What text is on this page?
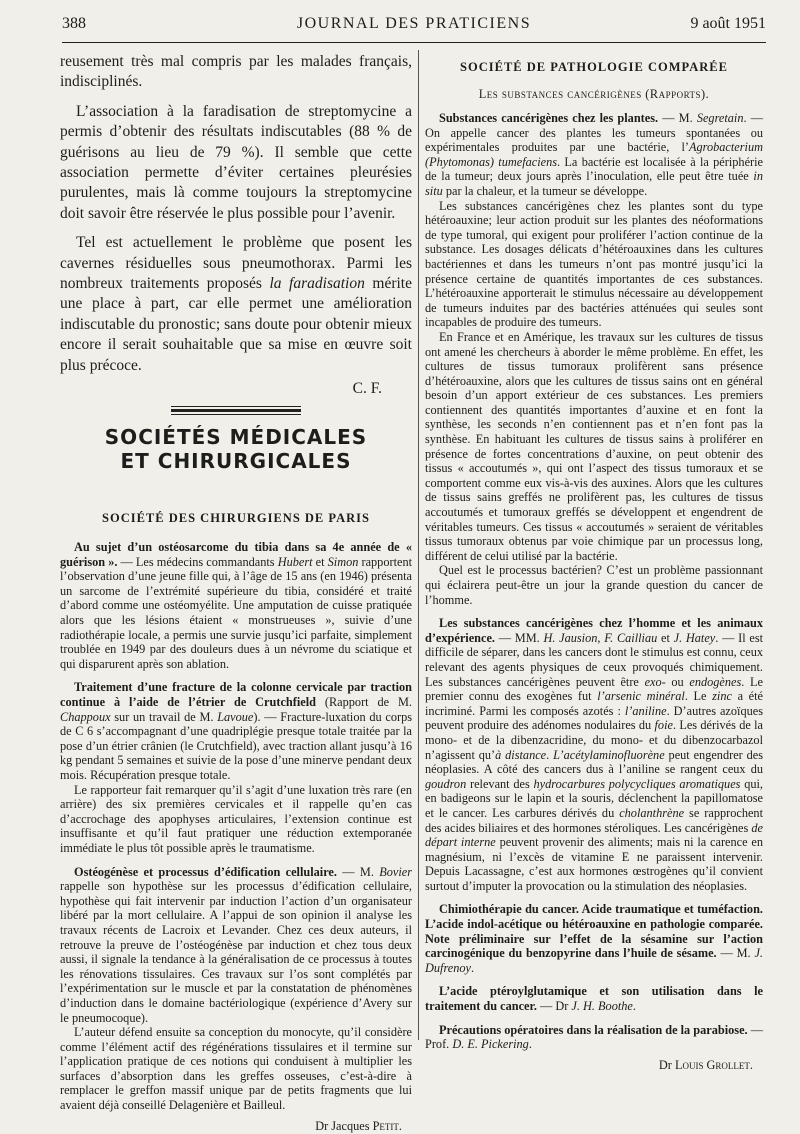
388	JOURNAL DES PRATICIENS	9 août 1951

reusement très mal compris par les malades français, indisciplinés.

L’association à la faradisation de streptomycine a permis d’obtenir des résultats indiscutables (88 % de guérisons au lieu de 79 %). Il semble que cette association permette d’éviter certaines pleurésies purulentes, mais là comme toujours la streptomycine doit savoir être réservée le plus possible pour l’avenir.

Tel est actuellement le problème que posent les cavernes résiduelles sous pneumothorax. Parmi les nombreux traitements proposés la faradisation mérite une place à part, car elle permet une amélioration indiscutable du pronostic; sans doute pour obtenir mieux encore il serait souhaitable que sa mise en œuvre soit plus précoce.

C. F.
SOCIÉTÉS MÉDICALES
ET CHIRURGICALES
SOCIÉTÉ DES CHIRURGIENS DE PARIS

Au sujet d’un ostéosarcome du tibia dans sa 4e année de « guérison ». — Les médecins commandants Hubert et Simon rapportent l’observation d’une jeune fille qui, à l’âge de 15 ans (en 1946) présenta un sarcome de l’extrémité supérieure du tibia, considéré et traité d’abord comme une ostéomyélite. Une amputation de cuisse pratiquée alors que les lésions étaient « monstrueuses », suivie d’une radiothérapie locale, a permis une survie jusqu’ici parfaite, simplement troublée en 1949 par des douleurs dues à un névrome du sciatique et qui disparurent après son ablation.

Traitement d’une fracture de la colonne cervicale par traction continue à l’aide de l’étrier de Crutchfield (Rapport de M. Chappoux sur un travail de M. Lavoue). — Fracture-luxation du corps de C 6 s’accompagnant d’une quadriplégie presque totale traitée par la pose d’un étrier crânien (le Crutchfield), avec traction allant jusqu’à 16 kg pendant 5 semaines et suivie de la pose d’une minerve pendant deux mois. Récupération presque totale.

Le rapporteur fait remarquer qu’il s’agit d’une luxation très rare (en arrière) des six premières cervicales et il rappelle qu’en cas d’accrochage des apophyses articulaires, l’extension continue est insuffisante et qu’il faut pratiquer une réduction extemporanée immédiate le plus tôt possible après le traumatisme.

Ostéogénèse et processus d’édification cellulaire. — M. Bovier rappelle son hypothèse sur les processus d’édification cellulaire, hypothèse qui fait intervenir par induction l’action d’un organisateur libéré par la mort cellulaire. A l’appui de son opinion il analyse les travaux récents de Lacroix et Levander. Chez ces deux auteurs, il retrouve la preuve de l’ostéogénèse par induction et chez tous deux aussi, il signale la tendance à la généralisation de ce processus à toutes les rénovations tissulaires. Ces travaux sur l’os sont complétés par l’expérimentation sur le muscle et par la constatation de phénomènes d’induction dans le domaine bactériologique (expérience d’Avery sur le pneumocoque).

L’auteur défend ensuite sa conception du monocyte, qu’il considère comme l’élément actif des régénérations tissulaires et il termine sur l’application pratique de ces notions qui conduisent à multiplier les surfaces d’absorption dans les greffes osseuses, c’est-à-dire à remplacer le greffon massif unique par de petits fragments que lui avaient déjà conseillé Delagenière et Bailleul.

Dr Jacques Petit.
SOCIÉTÉ DE PATHOLOGIE COMPARÉE
Les substances cancérigènes (Rapports).

Substances cancérigènes chez les plantes. — M. Segretain. — On appelle cancer des plantes les tumeurs spontanées ou expérimentales produites par une bactérie, l’Agrobacterium (Phytomonas) tumefaciens. La bactérie est localisée à la périphérie de la tumeur; deux jours après l’inoculation, elle peut être tuée in situ par la chaleur, et la tumeur se développe.

Les substances cancérigènes chez les plantes sont du type hétéroauxine; leur action produit sur les plantes des néoformations de type tumoral, qui exigent pour proliférer l’action continue de la substance. Les dosages délicats d’hétéroauxines dans les cultures bactériennes et dans les tumeurs n’ont pas montré jusqu’ici la présence certaine de quantités importantes de ces substances. L’hétéroauxine apporterait le stimulus nécessaire au développement de tumeurs induites par des bactéries atténuées qui seules sont incapables de produire des tumeurs.

En France et en Amérique, les travaux sur les cultures de tissus ont amené les chercheurs à aborder le même problème. En effet, les cultures de tissus tumoraux prolifèrent sans présence d’hétéroauxine, alors que les cultures de tissus sains ont en général besoin d’un apport extérieur de ces substances. Les premiers contiennent des quantités importantes d’auxine et en font la synthèse, les seconds n’en contiennent pas et n’en font pas la synthèse. En habituant les cultures de tissus sains à proliférer en présence de fortes concentrations d’auxine, on peut obtenir des tissus « accoutumés », qui ont l’aspect des tissus tumoraux et se comportent comme eux vis-à-vis des auxines. Alors que les cultures de tissus sains greffés ne prolifèrent pas, les cultures de tissus accoutumés et tumoraux greffés se développent et engendrent de véritables tumeurs. Ces tissus « accoutumés » seraient de véritables tissus tumoraux obtenus par voie chimique par un processus long, différent de celui utilisé par la bactérie.

Quel est le processus bactérien? C’est un problème passionnant qui éclairera peut-être un jour la grande question du cancer de l’homme.

Les substances cancérigènes chez l’homme et les animaux d’expérience. — MM. H. Jausion, F. Cailliau et J. Hatey. — Il est difficile de séparer, dans les cancers dont le stimulus est connu, ceux relevant des agents physiques de ceux provoqués chimiquement. Les substances cancérigènes peuvent être exo- ou endogènes. Le premier connu des exogènes fut l’arsenic minéral. Le zinc a été incriminé. Parmi les composés azotés : l’aniline. D’autres azoïques peuvent produire des adénomes nodulaires du foie. Les dérivés de la mono- et de la dibenzacridine, du mono- et du dibenzocarbazol n’agissent qu’à distance. L’acétylaminofluorène peut engendrer des néoplasies. A côté des cancers dus à l’aniline se rangent ceux du goudron relevant des hydrocarbures polycycliques aromatiques qui, en badigeons sur le lapin et la souris, déclenchent la papillomatose et le cancer. Les carbures dérivés du cholanthrène se rapprochent des acides biliaires et des hormones stéroliques. Les cancérigènes de départ interne peuvent provenir des aliments; mais ni la carence en magnésium, ni l’excès de vitamine E ne paraissent intervenir. Depuis Lacassagne, c’est aux hormones œstrogènes qu’il convient surtout d’imputer la provocation ou la stimulation des néoplasies.

Chimiothérapie du cancer. Acide traumatique et tuméfaction. L’acide indol-acétique ou hétéroauxine en pathologie comparée. Note préliminaire sur l’effet de la sésamine sur l’action carcinogénique du benzopyrine dans l’huile de sésame. — M. J. Dufrenoy.

L’acide ptéroylglutamique et son utilisation dans le traitement du cancer. — Dr J. H. Boothe.

Précautions opératoires dans la réalisation de la parabiose. — Prof. D. E. Pickering.

Dr Louis Grollet.
